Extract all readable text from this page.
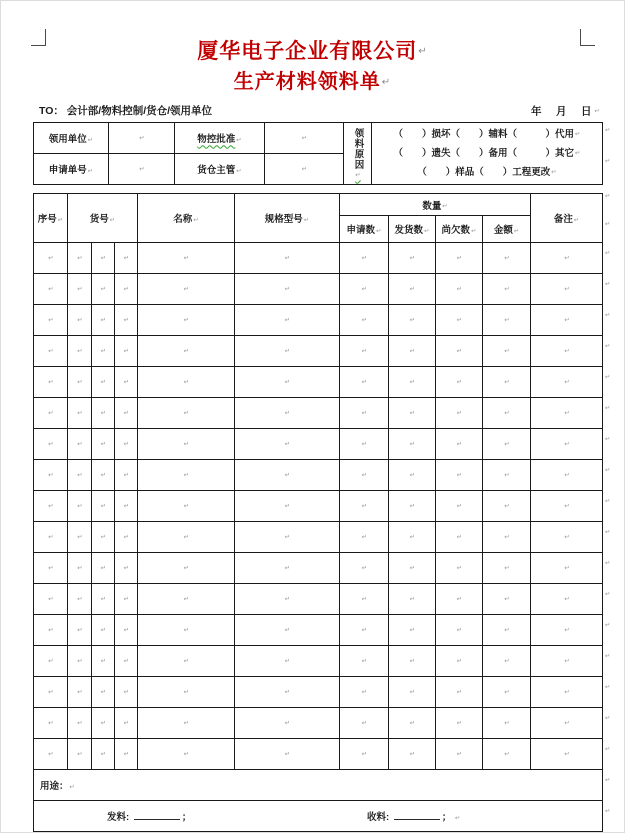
厦华电子企业有限公司↵
生产材料领料单↵
TO： 会计部/物料控制/货仓/领用单位	年　月　日↵
领用单位↵	↵	物控批准↵	↵	领料原因
↵

（　　）损坏（　　）辅料（　　　）代用↵
（　　）遗失（　　）备用（　　　）其它↵
（　　）样品（　　）工程更改↵

申请单号↵	↵	货仓主管↵	↵		
序号↵	货号↵			名称↵	规格型号↵	数量↵				备注↵
						申请数↵	发货数↵	尚欠数↵	金额↵	
↵	↵	↵	↵	↵	↵	↵	↵	↵	↵	↵
↵	↵	↵	↵	↵	↵	↵	↵	↵	↵	↵
↵	↵	↵	↵	↵	↵	↵	↵	↵	↵	↵
↵	↵	↵	↵	↵	↵	↵	↵	↵	↵	↵
↵	↵	↵	↵	↵	↵	↵	↵	↵	↵	↵
↵	↵	↵	↵	↵	↵	↵	↵	↵	↵	↵
↵	↵	↵	↵	↵	↵	↵	↵	↵	↵	↵
↵	↵	↵	↵	↵	↵	↵	↵	↵	↵	↵
↵	↵	↵	↵	↵	↵	↵	↵	↵	↵	↵
↵	↵	↵	↵	↵	↵	↵	↵	↵	↵	↵
↵	↵	↵	↵	↵	↵	↵	↵	↵	↵	↵
↵	↵	↵	↵	↵	↵	↵	↵	↵	↵	↵
↵	↵	↵	↵	↵	↵	↵	↵	↵	↵	↵
↵	↵	↵	↵	↵	↵	↵	↵	↵	↵	↵
↵	↵	↵	↵	↵	↵	↵	↵	↵	↵	↵
↵	↵	↵	↵	↵	↵	↵	↵	↵	↵	↵
↵	↵	↵	↵	↵	↵	↵	↵	↵	↵	↵
用途：↵										

发料: ； 收料: ； ↵										
↵
↵
↵
↵
↵
↵
↵
↵
↵
↵
↵
↵
↵
↵
↵
↵
↵
↵
↵
↵
↵
↵
↵
